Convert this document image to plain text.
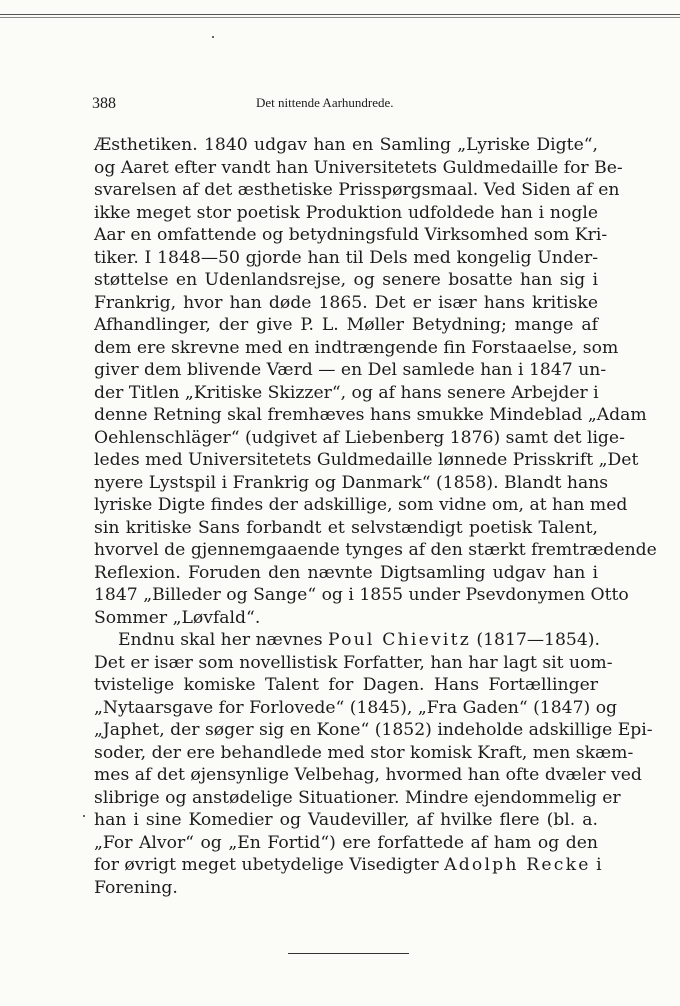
388	Det nittende Aarhundrede.
Æsthetiken. 1840 udgav han en Samling „Lyriske Digte“,
og Aaret efter vandt han Universitetets Guldmedaille for Be-
svarelsen af det æsthetiske Prisspørgsmaal. Ved Siden af en
ikke meget stor poetisk Produktion udfoldede han i nogle
Aar en omfattende og betydningsfuld Virksomhed som Kri-
tiker. I 1848—50 gjorde han til Dels med kongelig Under-
støttelse en Udenlandsrejse, og senere bosatte han sig i
Frankrig, hvor han døde 1865. Det er især hans kritiske
Afhandlinger, der give P. L. Møller Betydning; mange af
dem ere skrevne med en indtrængende fin Forstaaelse, som
giver dem blivende Værd — en Del samlede han i 1847 un-
der Titlen „Kritiske Skizzer“, og af hans senere Arbejder i
denne Retning skal fremhæves hans smukke Mindeblad „Adam
Oehlenschläger“ (udgivet af Liebenberg 1876) samt det lige-
ledes med Universitetets Guldmedaille lønnede Prisskrift „Det
nyere Lystspil i Frankrig og Danmark“ (1858). Blandt hans
lyriske Digte findes der adskillige, som vidne om, at han med
sin kritiske Sans forbandt et selvstændigt poetisk Talent,
hvorvel de gjennemgaaende tynges af den stærkt fremtrædende
Reflexion. Foruden den nævnte Digtsamling udgav han i
1847 „Billeder og Sange“ og i 1855 under Psevdonymen Otto
Sommer „Løvfald“.
Endnu skal her nævnes Poul Chievitz (1817—1854).
Det er især som novellistisk Forfatter, han har lagt sit uom-
tvistelige komiske Talent for Dagen. Hans Fortællinger
„Nytaarsgave for Forlovede“ (1845), „Fra Gaden“ (1847) og
„Japhet, der søger sig en Kone“ (1852) indeholde adskillige Epi-
soder, der ere behandlede med stor komisk Kraft, men skæm-
mes af det øjensynlige Velbehag, hvormed han ofte dvæler ved
slibrige og anstødelige Situationer. Mindre ejendommelig er
han i sine Komedier og Vaudeviller, af hvilke flere (bl. a.
„For Alvor“ og „En Fortid“) ere forfattede af ham og den
for øvrigt meget ubetydelige Visedigter Adolph Recke i
Forening.
